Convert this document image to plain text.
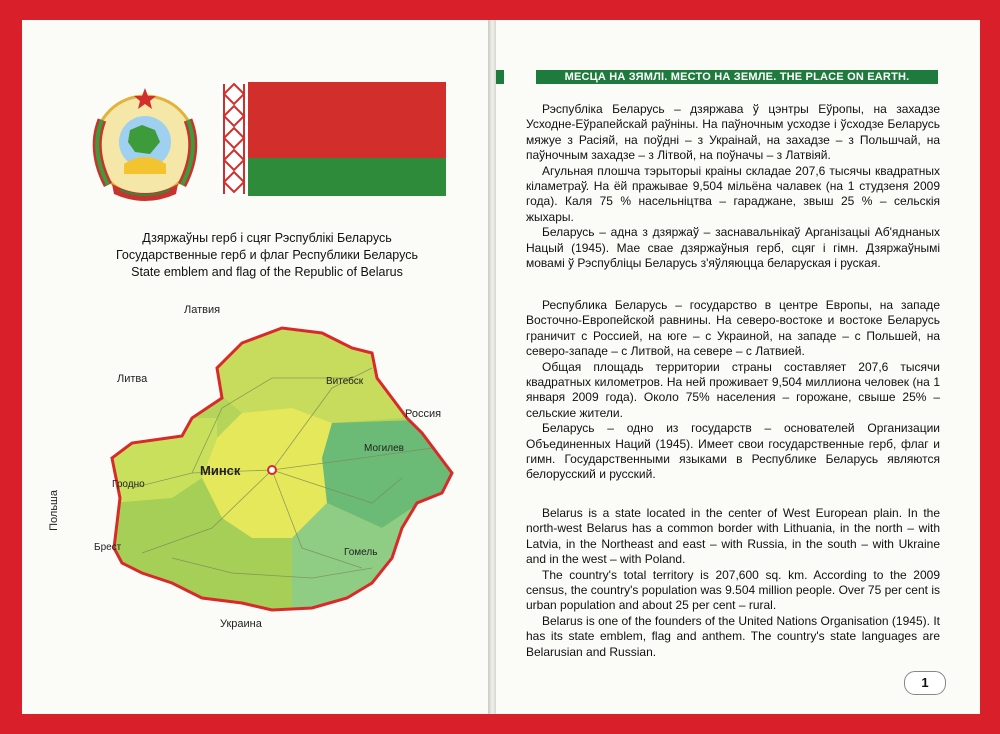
Дзяржаўны герб і сцяг Рэспублікі Беларусь
Государственные герб и флаг Республики Беларусь
State emblem and flag of the Republic of Belarus
Латвия
Литва
Россия
Польша
Украина
Минск
Витебск
Гродно
Могилев
Брест	Гомель
МЕСЦА НА ЗЯМЛІ. МЕСТО НА ЗЕМЛЕ. THE PLACE ON EARTH.

Рэспубліка Беларусь – дзяржава ў цэнтры Еўропы, на захадзе Усходне-Еўрапейскай раўніны. На паўночным усходзе і ўсходзе Беларусь мяжуе з Расіяй, на поўдні – з Украінай, на захадзе – з Польшчай, на паўночным захадзе – з Літвой, на поўначы – з Латвіяй.

Агульная плошча тэрыторыі краіны складае 207,6 тысячы квадратных кіламетраў. На ёй пражывае 9,504 мільёна чалавек (на 1 студзеня 2009 года). Каля 75 % насельніцтва – гараджане, звыш 25 % – сельскія жыхары.

Беларусь – адна з дзяржаў – заснавальнікаў Арганізацыі Аб'яднаных Нацый (1945). Мае свае дзяржаўныя герб, сцяг і гімн. Дзяржаўнымі мовамі ў Рэспубліцы Беларусь з'яўляюцца беларуская і руская.

Республика Беларусь – государство в центре Европы, на западе Восточно-Европейской равнины. На северо-востоке и востоке Беларусь граничит с Россией, на юге – с Украиной, на западе – с Польшей, на северо-западе – с Литвой, на севере – с Латвией.

Общая площадь территории страны составляет 207,6 тысячи квадратных километров. На ней проживает 9,504 миллиона человек (на 1 января 2009 года). Около 75% населения – горожане, свыше 25% – сельские жители.

Беларусь – одно из государств – основателей Организации Объединенных Наций (1945). Имеет свои государственные герб, флаг и гимн. Государственными языками в Республике Беларусь являются белорусский и русский.

Belarus is a state located in the center of West European plain. In the north-west Belarus has a common border with Lithuania, in the north – with Latvia, in the Northeast and east – with Russia, in the south – with Ukraine and in the west – with Poland.

The country's total territory is 207,600 sq. km. According to the 2009 census, the country's population was 9.504 million people. Over 75 per cent is urban population and about 25 per cent – rural.

Belarus is one of the founders of the United Nations Organisation (1945). It has its state emblem, flag and anthem. The country's state languages are Belarusian and Russian.

1
